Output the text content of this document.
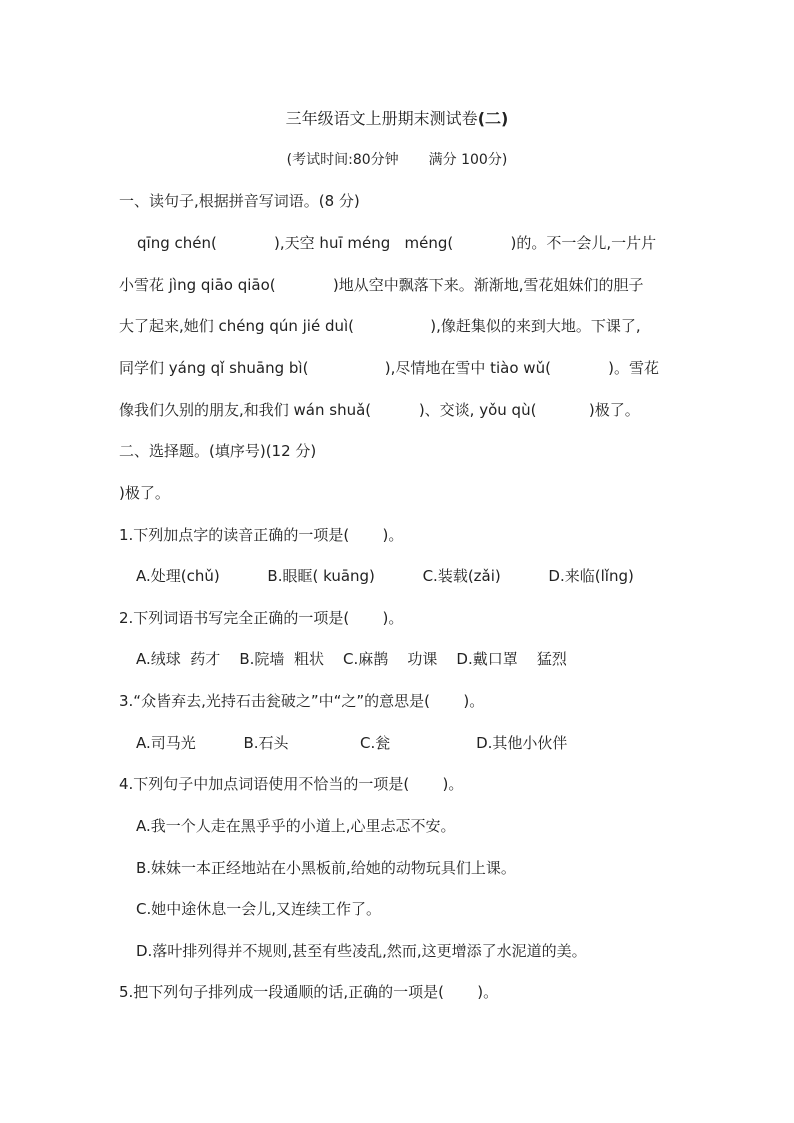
三年级语文上册期末测试卷(二)
(考试时间:80分钟 满分 100分)
一、读句子,根据拼音写词语。(8 分)
qīng chén(            ),天空 huī méng   méng(            )的。不一会儿,一片片
小雪花 jìng qiāo qiāo(            )地从空中飘落下来。渐渐地,雪花姐妹们的胆子
大了起来,她们 chéng qún jié duì(                ),像赶集似的来到大地。下课了,
同学们 yáng qǐ shuāng bì(                ),尽情地在雪中 tiào wǔ(            )。雪花
像我们久别的朋友,和我们 wán shuǎ(          )、交谈, yǒu qù(           )极了。
二、选择题。(填序号)(12 分)
)极了。
1.下列加点字的读音正确的一项是(       )。
A.处理(chǔ)          B.眼眶( kuāng)          C.装载(zǎi)          D.来临(lǐng)
2.下列词语书写完全正确的一项是(       )。
A.绒球  药才    B.院墙  粗状    C.麻鹊    功课    D.戴口罩    猛烈
3.“众皆弃去,光持石击瓮破之”中“之”的意思是(       )。
A.司马光          B.石头               C.瓮                  D.其他小伙伴
4.下列句子中加点词语使用不恰当的一项是(       )。
A.我一个人走在黑乎乎的小道上,心里忐忑不安。
B.妹妹一本正经地站在小黑板前,给她的动物玩具们上课。
C.她中途休息一会儿,又连续工作了。
D.落叶排列得并不规则,甚至有些凌乱,然而,这更增添了水泥道的美。
5.把下列句子排列成一段通顺的话,正确的一项是(       )。
